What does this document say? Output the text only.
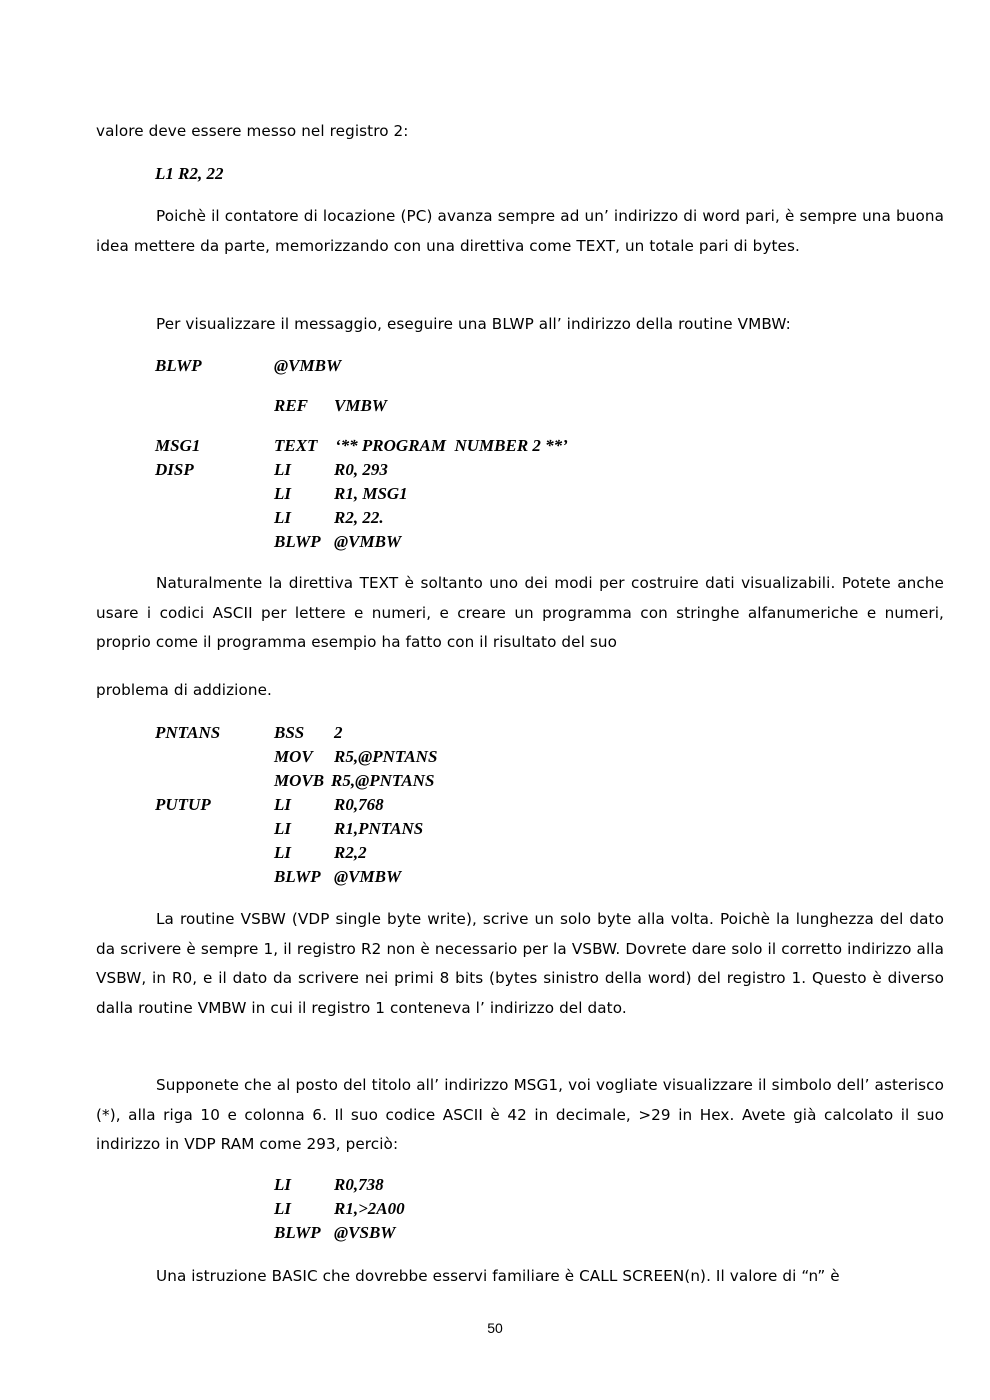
valore deve essere messo nel registro 2:

L1 R2, 22

Poichè il contatore di locazione (PC) avanza sempre ad un’ indirizzo di word pari, è sempre una buona idea mettere da parte, memorizzando con una direttiva come TEXT, un totale pari di bytes.

Per visualizzare il messaggio, eseguire una BLWP all’ indirizzo della routine VMBW:

BLWP	@VMBW
REF VMBW
MSG1	TEXT ‘** PROGRAM  NUMBER 2 **’
DISP	LI	R0, 293
LI	R1, MSG1
LI	R2, 22.
BLWP @VMBW

Naturalmente la direttiva TEXT è soltanto uno dei modi per costruire dati visualizabili. Potete anche usare i codici ASCII per lettere e numeri, e creare un programma con stringhe alfanumeriche e numeri, proprio come il programma esempio ha fatto con il risultato del suo

problema di addizione.

PNTANS	BSS 2
MOV R5,@PNTANS
MOVB R5,@PNTANS
PUTUP	LI	R0,768
LI	R1,PNTANS
LI	R2,2
BLWP @VMBW

La routine VSBW (VDP single byte write), scrive un solo byte alla volta. Poichè la lunghezza del dato da scrivere è sempre 1, il registro R2 non è necessario per la VSBW. Dovrete dare solo il corretto indirizzo alla VSBW, in R0, e il dato da scrivere nei primi 8 bits (bytes sinistro della word) del registro 1. Questo è diverso dalla routine VMBW in cui il registro 1 conteneva l’ indirizzo del dato.

Supponete che al posto del titolo all’ indirizzo MSG1, voi vogliate visualizzare il simbolo dell’ asterisco (*), alla riga 10 e colonna 6. Il suo codice ASCII è 42 in decimale, >29 in Hex. Avete già calcolato il suo indirizzo in VDP RAM come 293, perciò:

LI	R0,738
LI	R1,>2A00
BLWP @VSBW

Una istruzione BASIC che dovrebbe esservi familiare è CALL SCREEN(n). Il valore di “n” è

50
